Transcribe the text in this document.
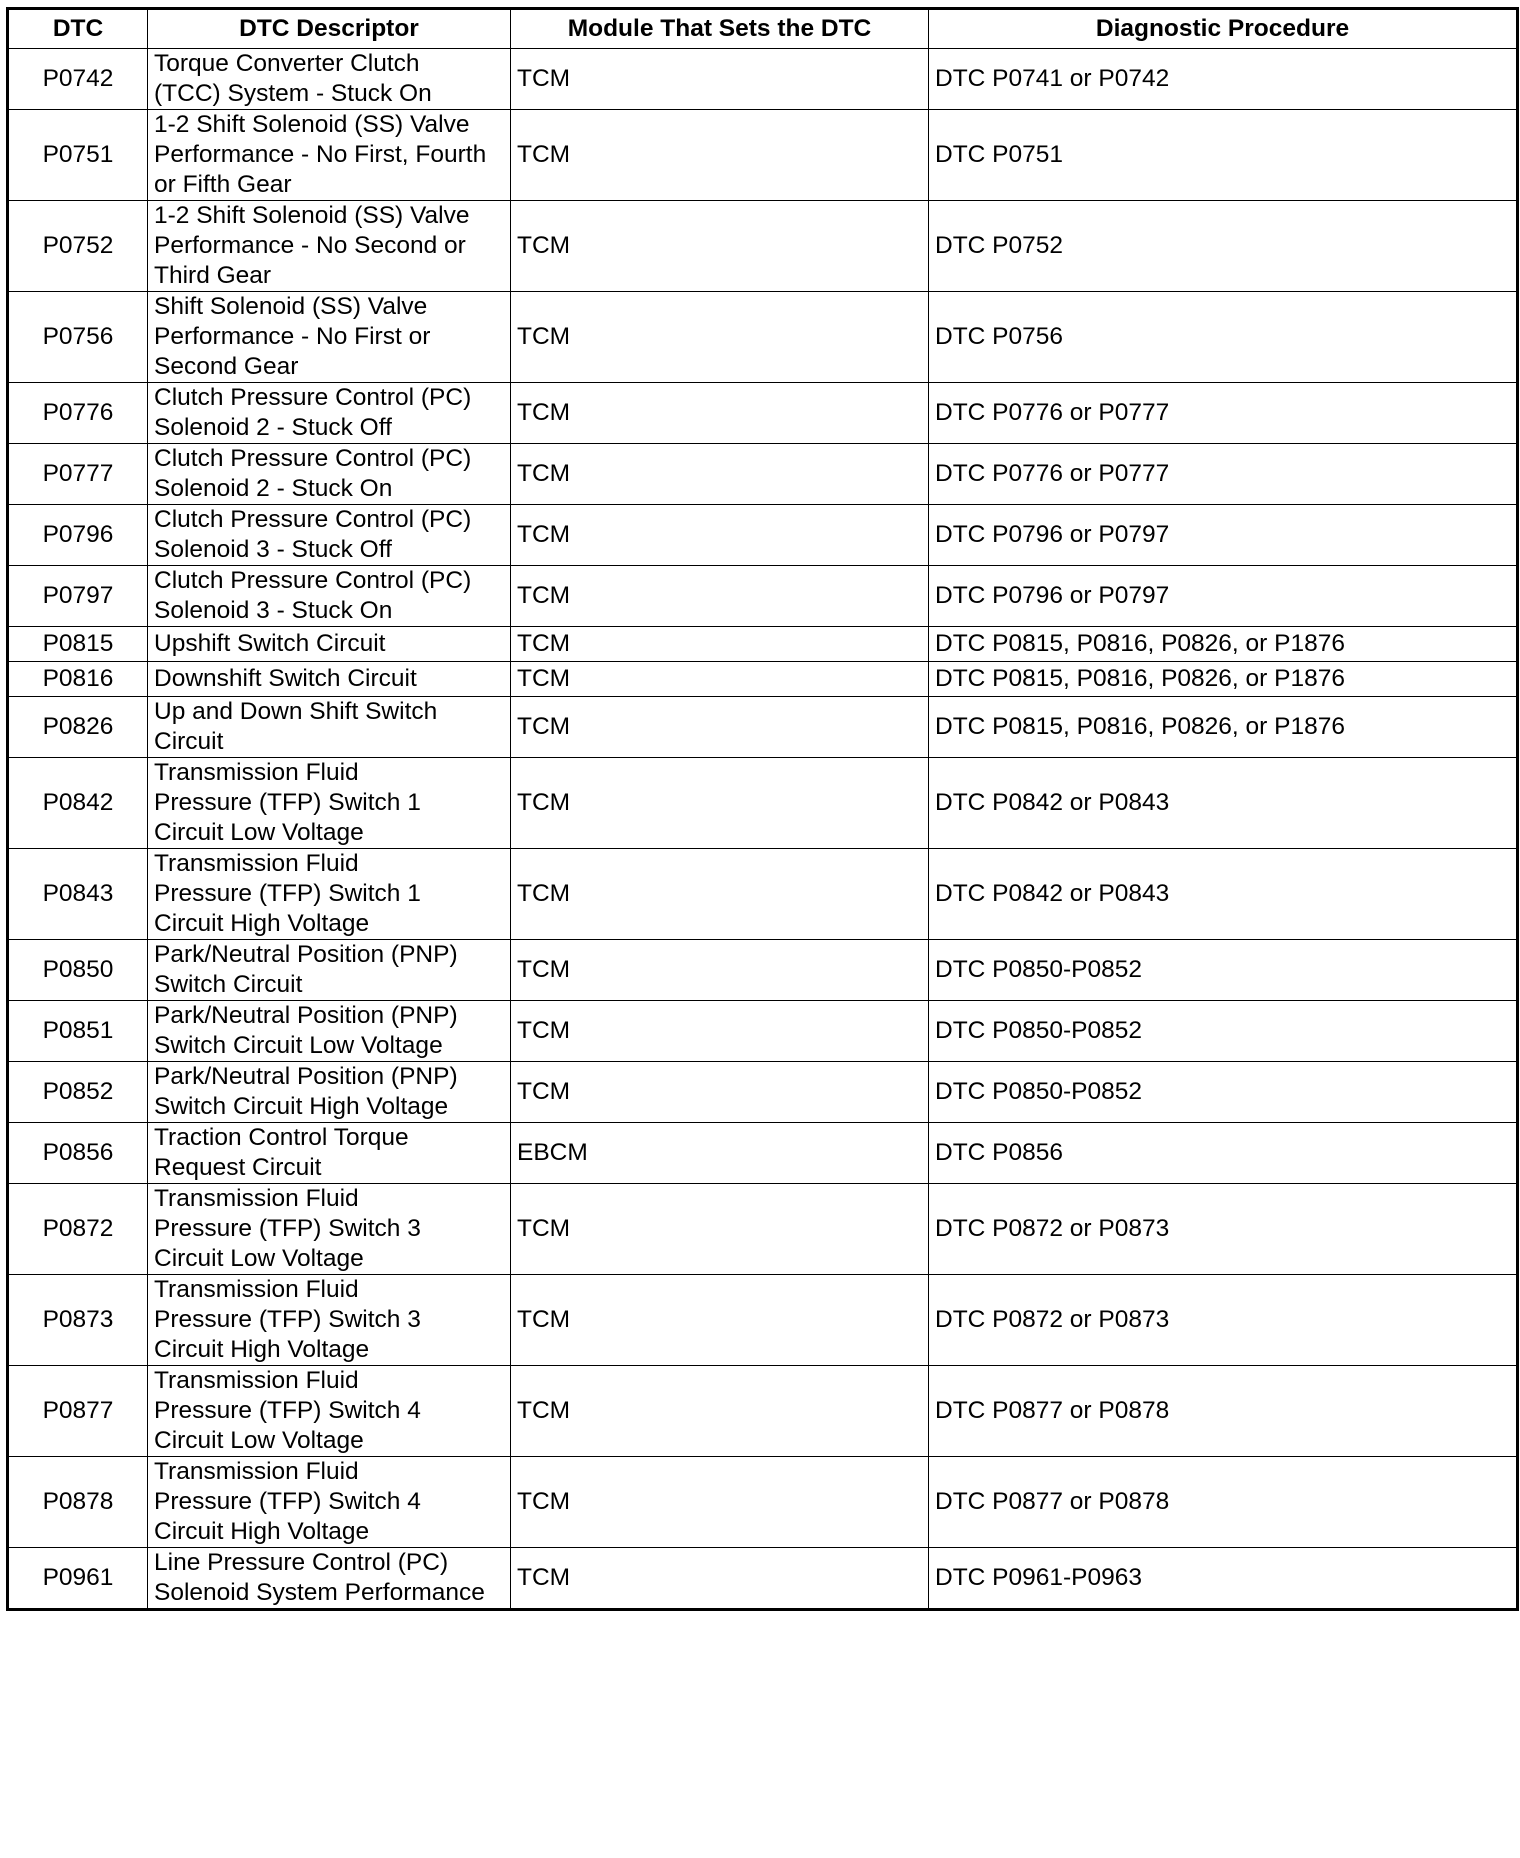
DTC	DTC Descriptor	Module That Sets the DTC	Diagnostic Procedure
P0742	Torque Converter Clutch
(TCC) System - Stuck On	TCM	DTC P0741 or P0742
P0751	1-2 Shift Solenoid (SS) Valve
Performance - No First, Fourth
or Fifth Gear	TCM	DTC P0751
P0752	1-2 Shift Solenoid (SS) Valve
Performance - No Second or
Third Gear	TCM	DTC P0752
P0756	Shift Solenoid (SS) Valve
Performance - No First or
Second Gear	TCM	DTC P0756
P0776	Clutch Pressure Control (PC)
Solenoid 2 - Stuck Off	TCM	DTC P0776 or P0777
P0777	Clutch Pressure Control (PC)
Solenoid 2 - Stuck On	TCM	DTC P0776 or P0777
P0796	Clutch Pressure Control (PC)
Solenoid 3 - Stuck Off	TCM	DTC P0796 or P0797
P0797	Clutch Pressure Control (PC)
Solenoid 3 - Stuck On	TCM	DTC P0796 or P0797
P0815	Upshift Switch Circuit	TCM	DTC P0815, P0816, P0826, or P1876
P0816	Downshift Switch Circuit	TCM	DTC P0815, P0816, P0826, or P1876
P0826	Up and Down Shift Switch
Circuit	TCM	DTC P0815, P0816, P0826, or P1876
P0842	Transmission Fluid
Pressure (TFP) Switch 1
Circuit Low Voltage	TCM	DTC P0842 or P0843
P0843	Transmission Fluid
Pressure (TFP) Switch 1
Circuit High Voltage	TCM	DTC P0842 or P0843
P0850	Park/Neutral Position (PNP)
Switch Circuit	TCM	DTC P0850-P0852
P0851	Park/Neutral Position (PNP)
Switch Circuit Low Voltage	TCM	DTC P0850-P0852
P0852	Park/Neutral Position (PNP)
Switch Circuit High Voltage	TCM	DTC P0850-P0852
P0856	Traction Control Torque
Request Circuit	EBCM	DTC P0856
P0872	Transmission Fluid
Pressure (TFP) Switch 3
Circuit Low Voltage	TCM	DTC P0872 or P0873
P0873	Transmission Fluid
Pressure (TFP) Switch 3
Circuit High Voltage	TCM	DTC P0872 or P0873
P0877	Transmission Fluid
Pressure (TFP) Switch 4
Circuit Low Voltage	TCM	DTC P0877 or P0878
P0878	Transmission Fluid
Pressure (TFP) Switch 4
Circuit High Voltage	TCM	DTC P0877 or P0878
P0961	Line Pressure Control (PC)
Solenoid System Performance	TCM	DTC P0961-P0963
